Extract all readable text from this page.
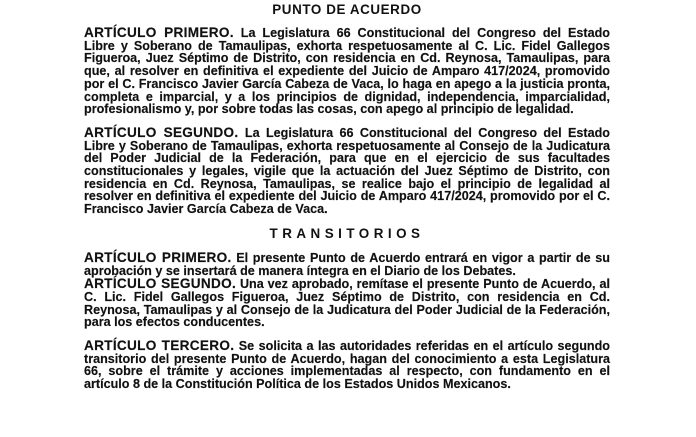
PUNTO DE ACUERDO

ARTÍCULO PRIMERO. La Legislatura 66 Constitucional del Congreso del Estado Libre y Soberano de Tamaulipas, exhorta respetuosamente al C. Lic. Fidel Gallegos Figueroa, Juez Séptimo de Distrito, con residencia en Cd. Reynosa, Tamaulipas, para que, al resolver en definitiva el expediente del Juicio de Amparo 417/2024, promovido por el C. Francisco Javier García Cabeza de Vaca, lo haga en apego a la justicia pronta, completa e imparcial, y a los principios de dignidad, independencia, imparcialidad, profesionalismo y, por sobre todas las cosas, con apego al principio de legalidad.

ARTÍCULO SEGUNDO. La Legislatura 66 Constitucional del Congreso del Estado Libre y Soberano de Tamaulipas, exhorta respetuosamente al Consejo de la Judicatura del Poder Judicial de la Federación, para que en el ejercicio de sus facultades constitucionales y legales, vigile que la actuación del Juez Séptimo de Distrito, con residencia en Cd. Reynosa, Tamaulipas, se realice bajo el principio de legalidad al resolver en definitiva el expediente del Juicio de Amparo 417/2024, promovido por el C. Francisco Javier García Cabeza de Vaca.

TRANSITORIOS

ARTÍCULO PRIMERO. El presente Punto de Acuerdo entrará en vigor a partir de su aprobación y se insertará de manera íntegra en el Diario de los Debates.

ARTÍCULO SEGUNDO. Una vez aprobado, remítase el presente Punto de Acuerdo, al C. Lic. Fidel Gallegos Figueroa, Juez Séptimo de Distrito, con residencia en Cd. Reynosa, Tamaulipas y al Consejo de la Judicatura del Poder Judicial de la Federación, para los efectos conducentes.

ARTÍCULO TERCERO. Se solicita a las autoridades referidas en el artículo segundo transitorio del presente Punto de Acuerdo, hagan del conocimiento a esta Legislatura 66, sobre el trámite y acciones implementadas al respecto, con fundamento en el artículo 8 de la Constitución Política de los Estados Unidos Mexicanos.
